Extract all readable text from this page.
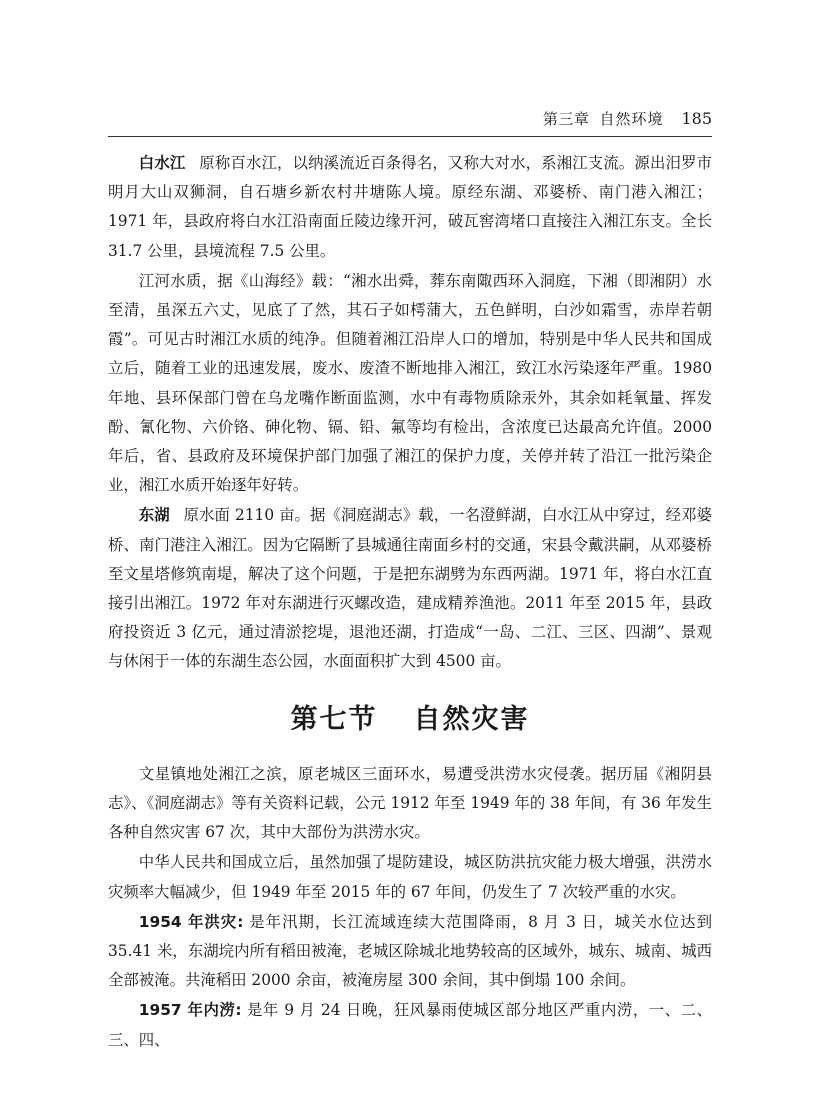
第三章 自然环境 185

白水江 原称百水江，以纳溪流近百条得名，又称大对水，系湘江支流。源出汨罗市明月大山双狮洞，自石塘乡新农村井塘陈人境。原经东湖、邓婆桥、南门港入湘江；1971 年，县政府将白水江沿南面丘陵边缘开河，破瓦窖湾堵口直接注入湘江东支。全长 31.7 公里，县境流程 7.5 公里。

江河水质，据《山海经》载：“湘水出舜，葬东南陬西环入洞庭，下湘（即湘阴）水至清，虽深五六丈，见底了了然，其石子如樗蒲大，五色鲜明，白沙如霜雪，赤岸若朝霞”。可见古时湘江水质的纯净。但随着湘江沿岸人口的增加，特别是中华人民共和国成立后，随着工业的迅速发展，废水、废渣不断地排入湘江，致江水污染逐年严重。1980 年地、县环保部门曾在乌龙嘴作断面监测，水中有毒物质除汞外，其余如耗氧量、挥发酚、氰化物、六价铬、砷化物、镉、铅、氟等均有检出，含浓度已达最高允许值。2000 年后，省、县政府及环境保护部门加强了湘江的保护力度，关停并转了沿江一批污染企业，湘江水质开始逐年好转。

东湖 原水面 2110 亩。据《洞庭湖志》载，一名澄鲜湖，白水江从中穿过，经邓婆桥、南门港注入湘江。因为它隔断了县城通往南面乡村的交通，宋县令戴洪嗣，从邓婆桥至文星塔修筑南堤，解决了这个问题，于是把东湖劈为东西两湖。1971 年，将白水江直接引出湘江。1972 年对东湖进行灭螺改造，建成精养渔池。2011 年至 2015 年，县政府投资近 3 亿元，通过清淤挖堤，退池还湖，打造成“一岛、二江、三区、四湖”、景观与休闲于一体的东湖生态公园，水面面积扩大到 4500 亩。

第七节 自然灾害

文星镇地处湘江之滨，原老城区三面环水，易遭受洪涝水灾侵袭。据历届《湘阴县志》、《洞庭湖志》等有关资料记载，公元 1912 年至 1949 年的 38 年间，有 36 年发生各种自然灾害 67 次，其中大部份为洪涝水灾。

中华人民共和国成立后，虽然加强了堤防建设，城区防洪抗灾能力极大增强，洪涝水灾频率大幅减少，但 1949 年至 2015 年的 67 年间，仍发生了 7 次较严重的水灾。

1954 年洪灾: 是年汛期，长江流域连续大范围降雨，8 月 3 日，城关水位达到 35.41 米，东湖垸内所有稻田被淹，老城区除城北地势较高的区域外，城东、城南、城西全部被淹。共淹稻田 2000 余亩，被淹房屋 300 余间，其中倒塌 100 余间。

1957 年内涝: 是年 9 月 24 日晚，狂风暴雨使城区部分地区严重内涝，一、二、三、四、
